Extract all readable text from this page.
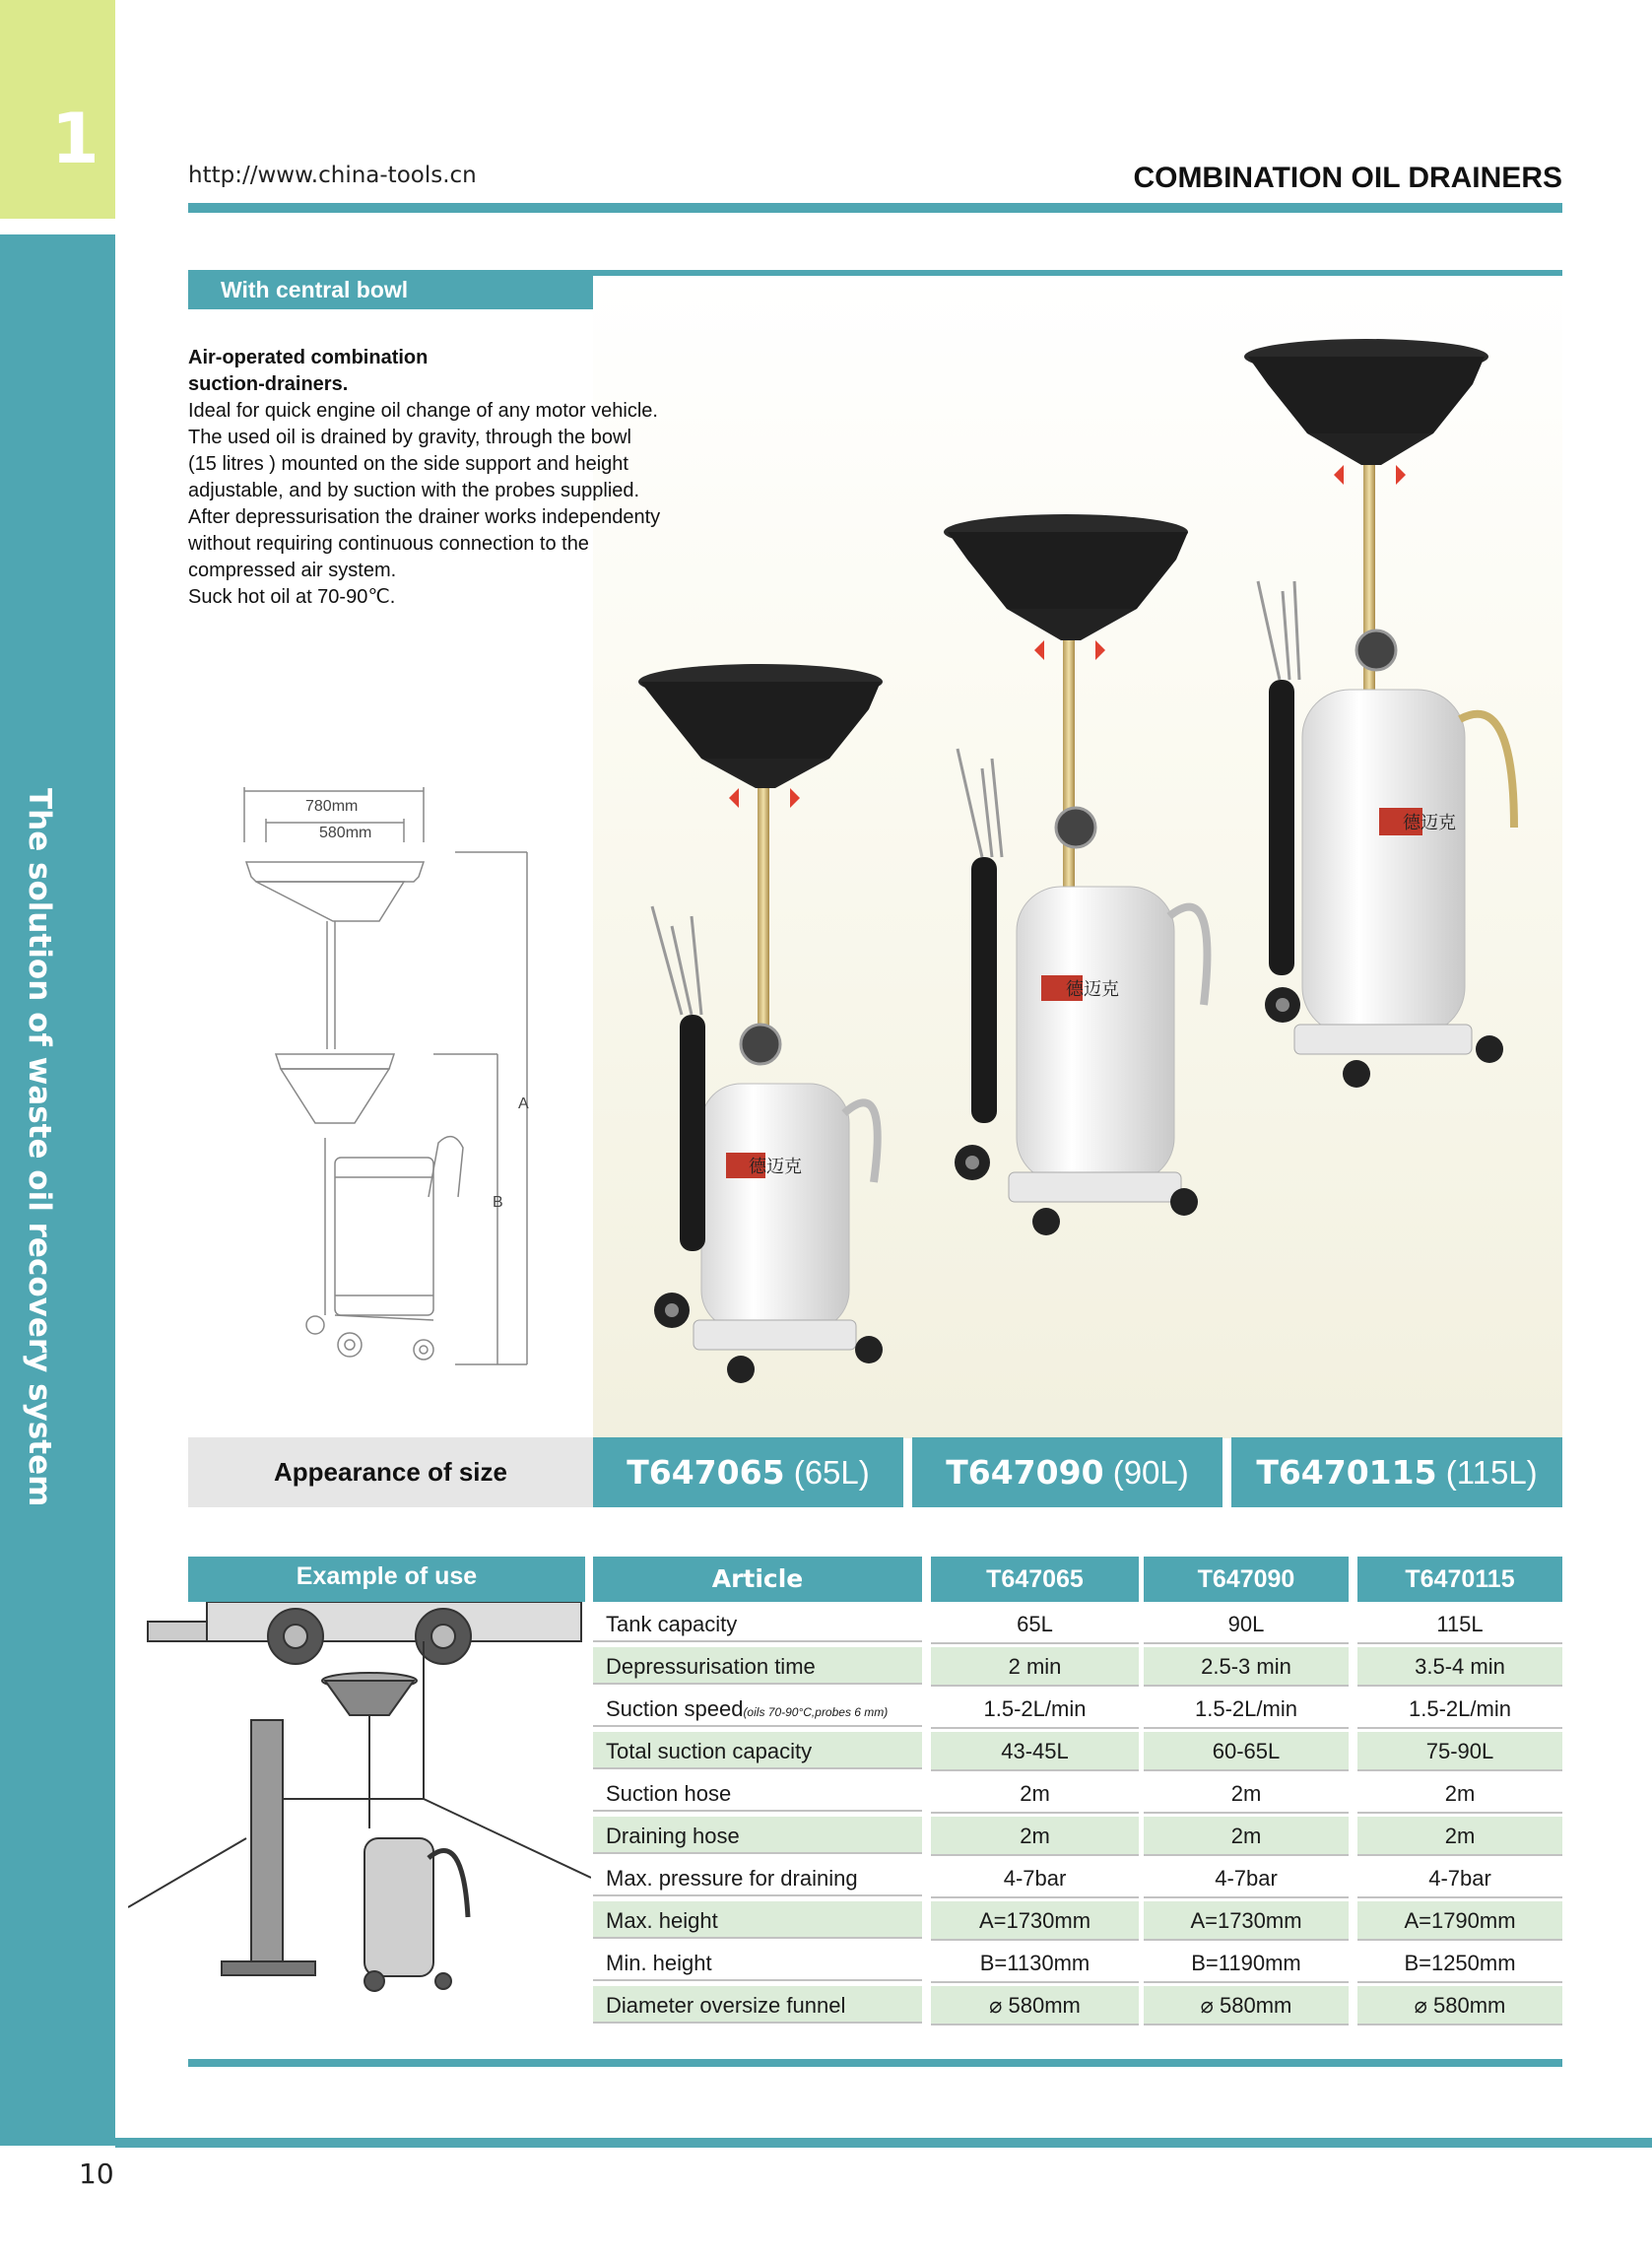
1
The solution of waste oil recovery system
http://www.china-tools.cn	COMBINATION OIL DRAINERS
With central bowl
Air-operated combination
suction-drainers.
Ideal for quick engine oil change of any motor vehicle.
The used oil is drained by gravity, through the bowl
(15 litres ) mounted on the side support and height
adjustable, and by suction with the probes supplied.
After depressurisation the drainer works independenty
without requiring continuous connection to the
compressed air system.
Suck hot oil at 70-90℃.
780mm
580mm
A
B
德迈克
德迈克
德迈克
Appearance of size	T647065 (65L)	T647090 (90L)	T6470115 (115L)
Example of use	Article	T647065	T647090	T6470115
Tank capacity	65L	90L	115L
Depressurisation time	2 min	2.5-3 min	3.5-4 min
Suction speed(oils 70-90°C,probes 6 mm)	1.5-2L/min	1.5-2L/min	1.5-2L/min
Total suction capacity	43-45L	60-65L	75-90L
Suction hose	2m	2m	2m
Draining hose	2m	2m	2m
Max. pressure for draining	4-7bar	4-7bar	4-7bar
Max. height	A=1730mm	A=1730mm	A=1790mm
Min. height	B=1130mm	B=1190mm	B=1250mm
Diameter oversize funnel	⌀ 580mm	⌀ 580mm	⌀ 580mm
10
